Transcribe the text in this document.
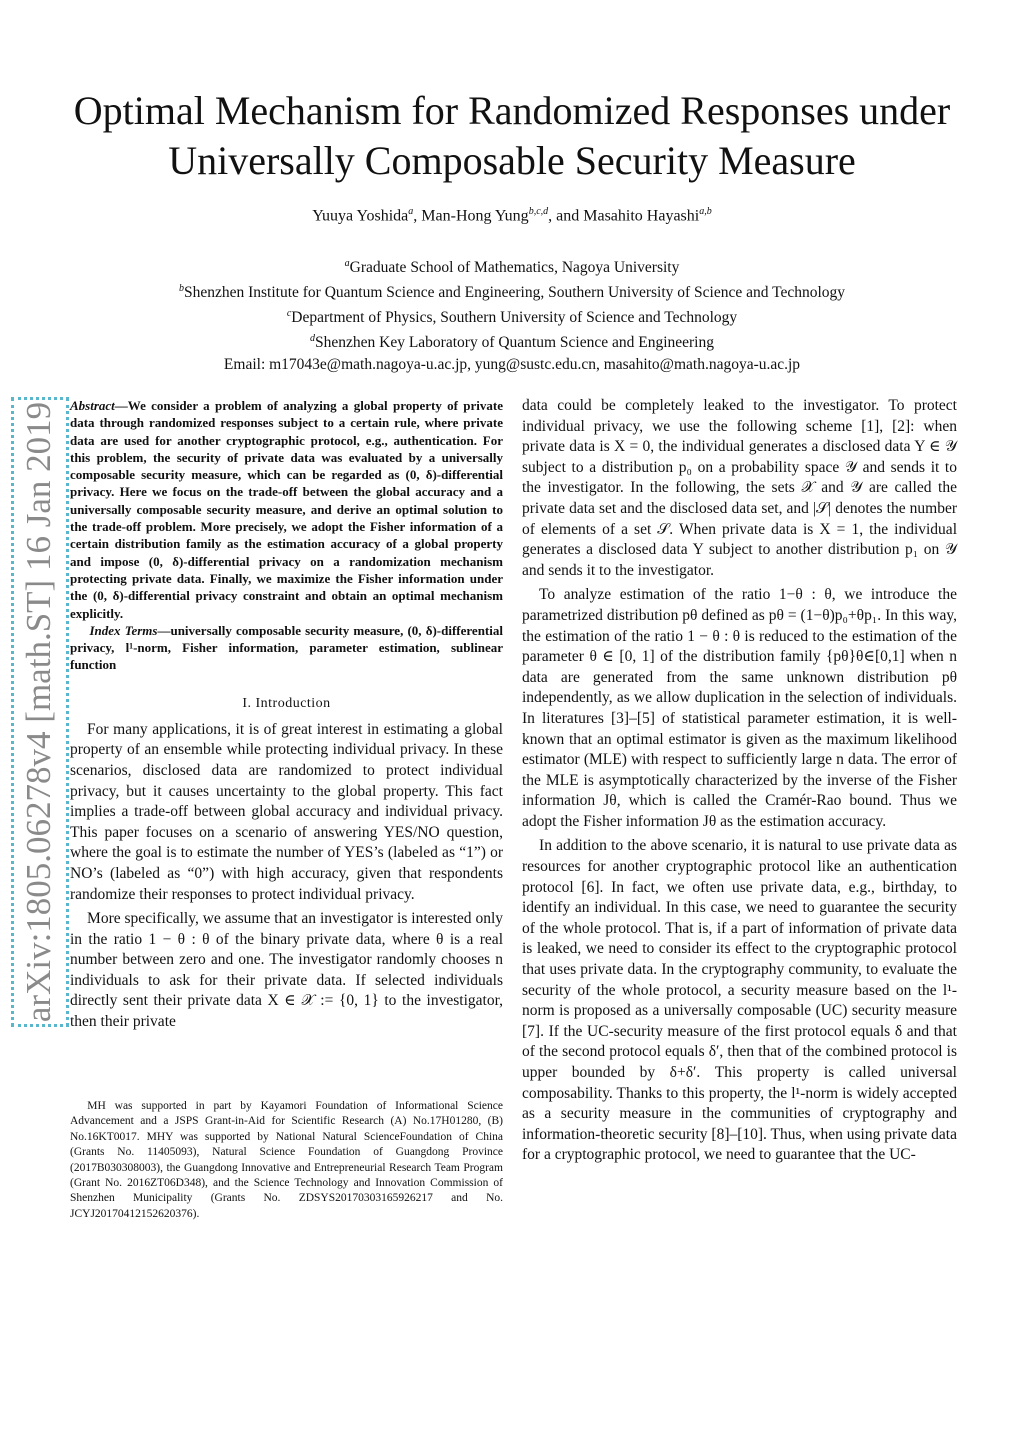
Optimal Mechanism for Randomized Responses under Universally Composable Security Measure
Yuuya Yoshida$^a$, Man-Hong Yung$^{b,c,d}$, and Masahito Hayashi$^{a,b}$
$^a$Graduate School of Mathematics, Nagoya University
$^b$Shenzhen Institute for Quantum Science and Engineering, Southern University of Science and Technology
$^c$Department of Physics, Southern University of Science and Technology
$^d$Shenzhen Key Laboratory of Quantum Science and Engineering
Email: m17043e@math.nagoya-u.ac.jp, yung@sustc.edu.cn, masahito@math.nagoya-u.ac.jp
arXiv:1805.06278v4 [math.ST] 16 Jan 2019 Abstract—We consider a problem of analyzing a global property of private data through randomized responses subject to a certain rule, where private data are used for another cryptographic protocol, e.g., authentication. For this problem, the security of private data was evaluated by a universally composable security measure, which can be regarded as (0, δ)-differential privacy. Here we focus on the trade-off between the global accuracy and a universally composable security measure, and derive an optimal solution to the trade-off problem. More precisely, we adopt the Fisher information of a certain distribution family as the estimation accuracy of a global property and impose (0, δ)-differential privacy on a randomization mechanism protecting private data. Finally, we maximize the Fisher information under the (0, δ)-differential privacy constraint and obtain an optimal mechanism explicitly.

Index Terms—universally composable security measure, (0, δ)-differential privacy, l¹-norm, Fisher information, parameter estimation, sublinear function

I. Introduction

For many applications, it is of great interest in estimating a global property of an ensemble while protecting individual privacy. In these scenarios, disclosed data are randomized to protect individual privacy, but it causes uncertainty to the global property. This fact implies a trade-off between global accuracy and individual privacy. This paper focuses on a scenario of answering YES/NO question, where the goal is to estimate the number of YES’s (labeled as “1”) or NO’s (labeled as “0”) with high accuracy, given that respondents randomize their responses to protect individual privacy.

More specifically, we assume that an investigator is interested only in the ratio 1 − θ : θ of the binary private data, where θ is a real number between zero and one. The investigator randomly chooses n individuals to ask for their private data. If selected individuals directly sent their private data X ∈ 𝒳 := {0, 1} to the investigator, then their private

MH was supported in part by Kayamori Foundation of Informational Science Advancement and a JSPS Grant-in-Aid for Scientific Research (A) No.17H01280, (B) No.16KT0017. MHY was supported by National Natural ScienceFoundation of China (Grants No. 11405093), Natural Science Foundation of Guangdong Province (2017B030308003), the Guangdong Innovative and Entrepreneurial Research Team Program (Grant No. 2016ZT06D348), and the Science Technology and Innovation Commission of Shenzhen Municipality (Grants No. ZDSYS20170303165926217 and No. JCYJ20170412152620376).

data could be completely leaked to the investigator. To protect individual privacy, we use the following scheme [1], [2]: when private data is X = 0, the individual generates a disclosed data Y ∈ 𝒴 subject to a distribution p₀ on a probability space 𝒴 and sends it to the investigator. In the following, the sets 𝒳 and 𝒴 are called the private data set and the disclosed data set, and |𝒮| denotes the number of elements of a set 𝒮. When private data is X = 1, the individual generates a disclosed data Y subject to another distribution p₁ on 𝒴 and sends it to the investigator.

To analyze estimation of the ratio 1−θ : θ, we introduce the parametrized distribution pθ defined as pθ = (1−θ)p₀+θp₁. In this way, the estimation of the ratio 1 − θ : θ is reduced to the estimation of the parameter θ ∈ [0, 1] of the distribution family {pθ}θ∈[0,1] when n data are generated from the same unknown distribution pθ independently, as we allow duplication in the selection of individuals. In literatures [3]–[5] of statistical parameter estimation, it is well-known that an optimal estimator is given as the maximum likelihood estimator (MLE) with respect to sufficiently large n data. The error of the MLE is asymptotically characterized by the inverse of the Fisher information Jθ, which is called the Cramér-Rao bound. Thus we adopt the Fisher information Jθ as the estimation accuracy.

In addition to the above scenario, it is natural to use private data as resources for another cryptographic protocol like an authentication protocol [6]. In fact, we often use private data, e.g., birthday, to identify an individual. In this case, we need to guarantee the security of the whole protocol. That is, if a part of information of private data is leaked, we need to consider its effect to the cryptographic protocol that uses private data. In the cryptography community, to evaluate the security of the whole protocol, a security measure based on the l¹-norm is proposed as a universally composable (UC) security measure [7]. If the UC-security measure of the first protocol equals δ and that of the second protocol equals δ′, then that of the combined protocol is upper bounded by δ+δ′. This property is called universal composability. Thanks to this property, the l¹-norm is widely accepted as a security measure in the communities of cryptography and information-theoretic security [8]–[10]. Thus, when using private data for a cryptographic protocol, we need to guarantee that the UC-
